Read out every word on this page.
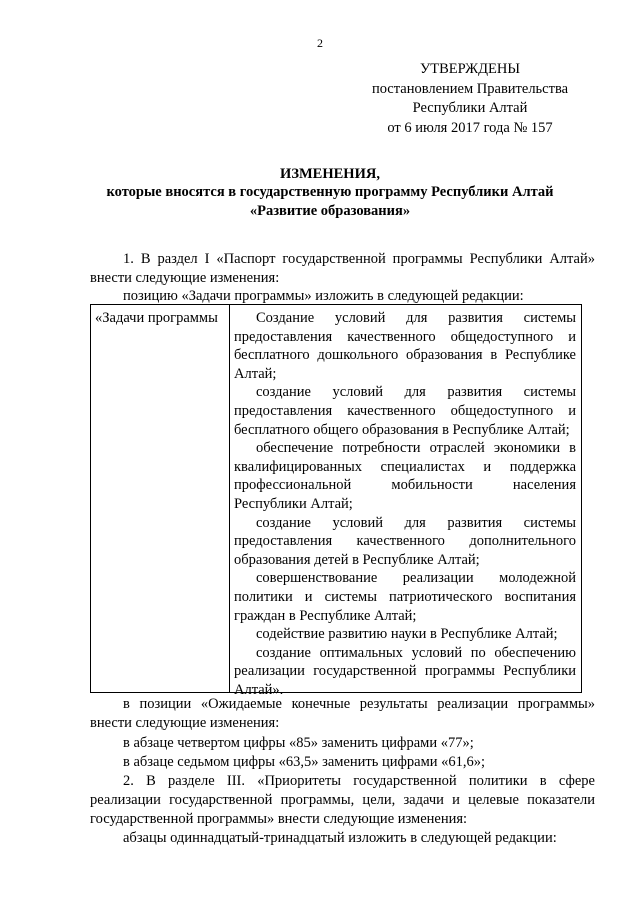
2
УТВЕРЖДЕНЫ
постановлением Правительства
Республики Алтай
от 6 июля 2017 года № 157
ИЗМЕНЕНИЯ,
которые вносятся в государственную программу Республики Алтай
«Развитие образования»
1. В раздел I «Паспорт государственной программы Республики Алтай» внести следующие изменения:
позицию «Задачи программы» изложить в следующей редакции:
«Задачи программы	Создание условий для развития системы предоставления качественного общедоступного и бесплатного дошкольного образования в Республике Алтай;

создание условий для развития системы предоставления качественного общедоступного и бесплатного общего образования в Республике Алтай;

обеспечение потребности отраслей экономики в квалифицированных специалистах и поддержка профессиональной мобильности населения Республики Алтай;

создание условий для развития системы предоставления качественного дополнительного образования детей в Республике Алтай;

совершенствование реализации молодежной политики и системы патриотического воспитания граждан в Республике Алтай;

содействие развитию науки в Республике Алтай;

создание оптимальных условий по обеспечению реализации государственной программы Республики Алтай».

в позиции «Ожидаемые конечные результаты реализации программы» внести следующие изменения:
в абзаце четвертом цифры «85» заменить цифрами «77»;
в абзаце седьмом цифры «63,5» заменить цифрами «61,6»;
2. В разделе III. «Приоритеты государственной политики в сфере реализации государственной программы, цели, задачи и целевые показатели государственной программы» внести следующие изменения:
абзацы одиннадцатый-тринадцатый изложить в следующей редакции:
